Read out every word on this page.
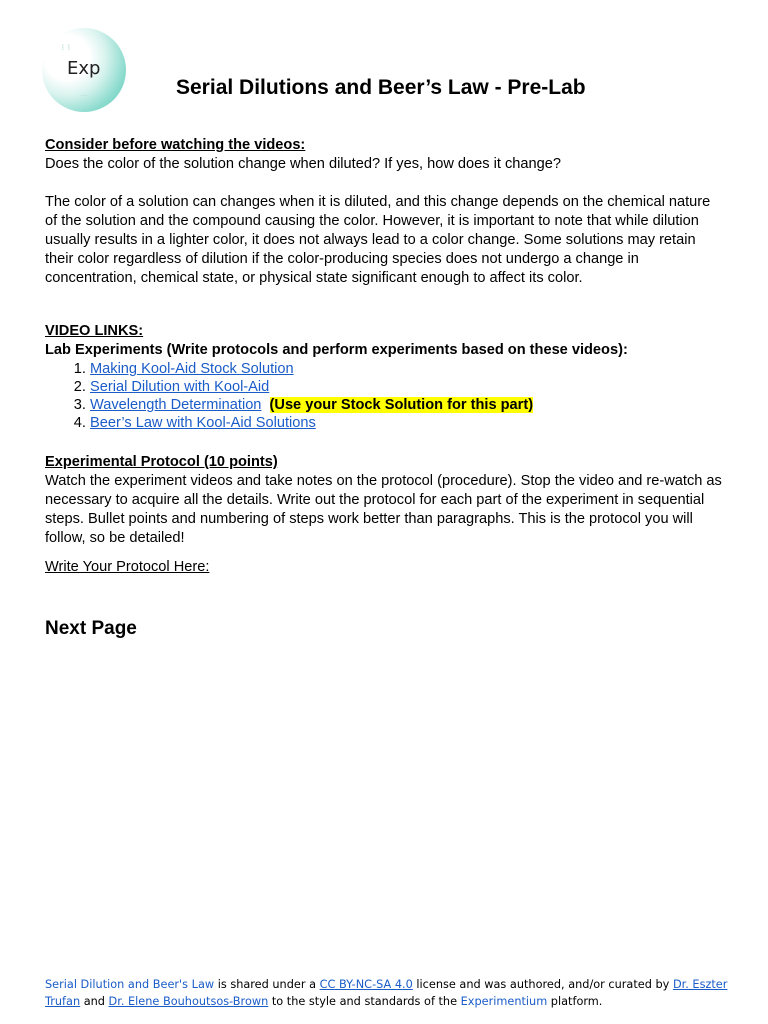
⋮⋮
Exp
·······	Serial Dilutions and Beer’s Law - Pre-Lab

Consider before watching the videos:

Does the color of the solution change when diluted? If yes, how does it change?

The color of a solution can changes when it is diluted, and this change depends on the chemical nature of the solution and the compound causing the color. However, it is important to note that while dilution usually results in a lighter color, it does not always lead to a color change. Some solutions may retain their color regardless of dilution if the color-producing species does not undergo a change in concentration, chemical state, or physical state significant enough to affect its color.

VIDEO LINKS:

Lab Experiments (Write protocols and perform experiments based on these videos):

1. Making Kool-Aid Stock Solution
2. Serial Dilution with Kool-Aid
3. Wavelength Determination (Use your Stock Solution for this part)
4. Beer’s Law with Kool-Aid Solutions

Experimental Protocol (10 points)

Watch the experiment videos and take notes on the protocol (procedure). Stop the video and re-watch as necessary to acquire all the details. Write out the protocol for each part of the experiment in sequential steps. Bullet points and numbering of steps work better than paragraphs. This is the protocol you will follow, so be detailed!

Write Your Protocol Here:

Next Page

Serial Dilution and Beer's Law is shared under a CC BY-NC-SA 4.0 license and was authored, and/or curated by Dr. Eszter Trufan and Dr. Elene Bouhoutsos-Brown to the style and standards of the Experimentium platform.
